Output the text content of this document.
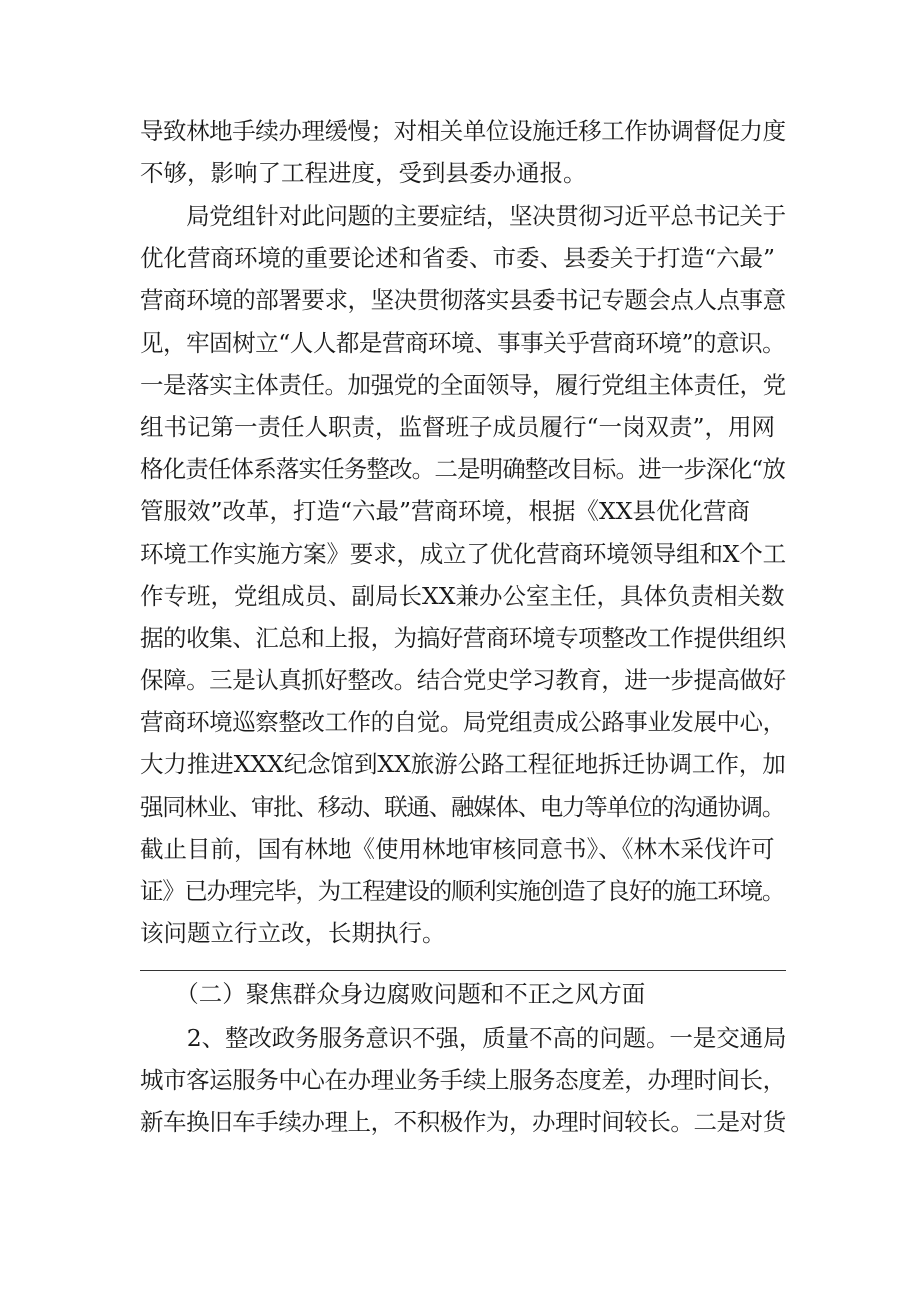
导致林地手续办理缓慢；对相关单位设施迁移工作协调督促力度
不够，影响了工程进度，受到县委办通报。
　　局党组针对此问题的主要症结，坚决贯彻习近平总书记关于
优化营商环境的重要论述和省委、市委、县委关于打造“六最”
营商环境的部署要求，坚决贯彻落实县委书记专题会点人点事意
见，牢固树立“人人都是营商环境、事事关乎营商环境”的意识。
一是落实主体责任。加强党的全面领导，履行党组主体责任，党
组书记第一责任人职责，监督班子成员履行“一岗双责”，用网
格化责任体系落实任务整改。二是明确整改目标。进一步深化“放
管服效”改革，打造“六最”营商环境，根据《XX县优化营商
环境工作实施方案》要求，成立了优化营商环境领导组和X个工
作专班，党组成员、副局长XX兼办公室主任，具体负责相关数
据的收集、汇总和上报，为搞好营商环境专项整改工作提供组织
保障。三是认真抓好整改。结合党史学习教育，进一步提高做好
营商环境巡察整改工作的自觉。局党组责成公路事业发展中心，
大力推进XXX纪念馆到XX旅游公路工程征地拆迁协调工作，加
强同林业、审批、移动、联通、融媒体、电力等单位的沟通协调。
截止目前，国有林地《使用林地审核同意书》、《林木采伐许可
证》已办理完毕，为工程建设的顺利实施创造了良好的施工环境。
该问题立行立改，长期执行。
　　（二）聚焦群众身边腐败问题和不正之风方面
　　2、整改政务服务意识不强，质量不高的问题。一是交通局
城市客运服务中心在办理业务手续上服务态度差，办理时间长，
新车换旧车手续办理上，不积极作为，办理时间较长。二是对货
